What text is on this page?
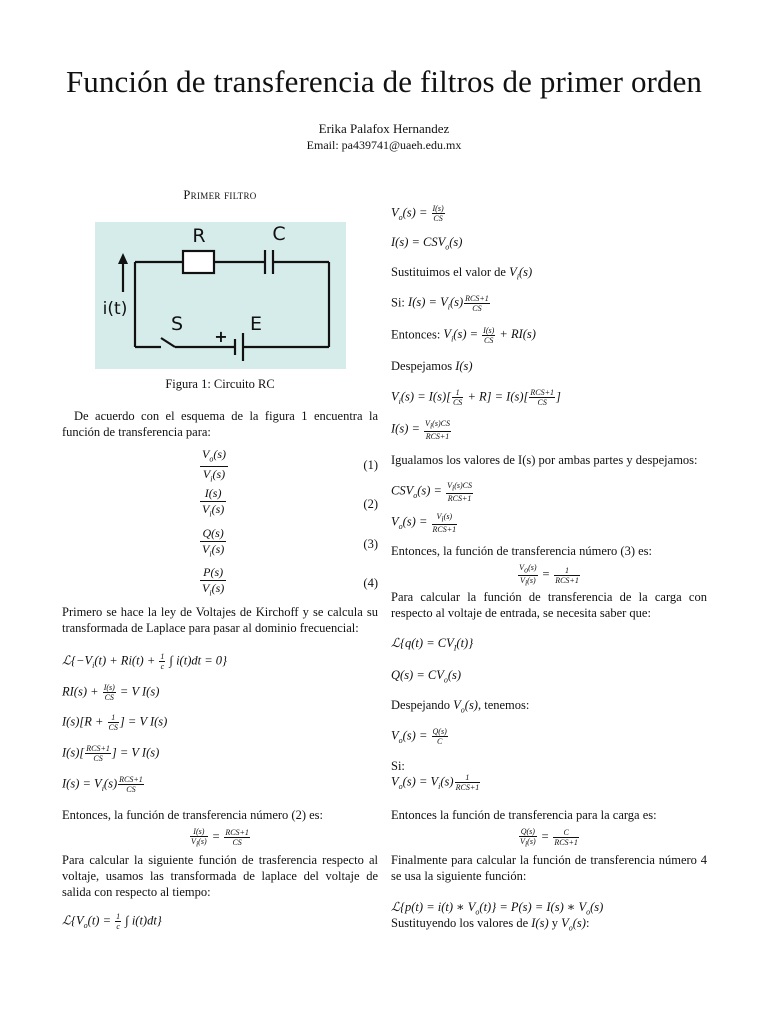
Función de transferencia de filtros de primer orden
Erika Palafox Hernandez
Email: pa439741@uaeh.edu.mx
Primer filtro
R	C
i(t)
S	E
+
Figura 1: Circuito RC
De acuerdo con el esquema de la figura 1 encuentra la función de transferencia para:
$\frac{V_o(s)}{V_i(s)}$	(1)
$\frac{I(s)}{V_i(s)}$	(2)
$\frac{Q(s)}{V_i(s)}$	(3)
$\frac{P(s)}{V_i(s)}$	(4)
Primero se hace la ley de Voltajes de Kirchoff y se calcula su transformada de Laplace para pasar al dominio frecuencial:
$ℒ\{-V_i(t) + Ri(t) + \frac{1}{c}$ ∫ i(t)dt = 0}
$RI(s) + \frac{I(s)}{CS} = V$ I(s)
$I(s)[R + \frac{1}{CS}$ ] = V I(s)
$I(s)[ \frac{\text{RCS+1}}{CS}$ ] = V I(s)
$I(s) = V_i(s) \frac{\text{RCS+1}}{CS}$
Entonces, la función de transferencia número (2) es:
$\frac{I(s)}{V_i(s)} = \frac{\text{RCS+1}}{CS}$
Para calcular la siguiente función de trasferencia respecto al voltaje, usamos las transformada de laplace del voltaje de salida con respecto al tiempo:
$ℒ\{V_o(t) = \frac{1}{c}$ ∫ i(t)dt}
$V_o(s) = \frac{I(s)}{CS}$
$I(s) = CSV_o(s)$
Sustituimos el valor de $V_i(s)$
Si: $I(s) = V_i(s) \frac{\text{RCS+1}}{CS}$
Entonces: $V_i(s) = \frac{I(s)}{CS} + RI(s)$
Despejamos I(s)
$V_i(s) = I(s)[ \frac{1}{CS} + R] = I(s)[ \frac{\text{RCS+1}}{CS}$ ]
$I(s) = \frac{V_i(s)CS}{\text{RCS+1}}$
Igualamos los valores de I(s) por ambas partes y despejamos:
$CSV_o(s) = \frac{V_i(s)CS}{\text{RCS+1}}$
$V_o(s) = \frac{V_i(s)}{\text{RCS+1}}$
Entonces, la función de transferencia número (3) es:
$\frac{V_o(s)}{V_i(s)} = \frac{1}{\text{RCS+1}}$
Para calcular la función de transferencia de la carga con respecto al voltaje de entrada, se necesita saber que:
ℒ{q(t) = $CV_I(t)$}
$Q(s) = CV_o(s)$
Despejando $V_o(s)$, tenemos:
$V_o(s) = \frac{Q(s)}{C}$
Si:
$V_o(s) = V_i(s) \frac{1}{\text{RCS+1}}$
Entonces la función de transferencia para la carga es:
$\frac{Q(s)}{V_i(s)} = \frac{C}{\text{RCS+1}}$
Finalmente para calcular la función de transferencia número 4 se usa la siguiente función:
ℒ{p(t) = i(t) ∗ $V_o(t)\} = P(s) = I(s)$ ∗ $V_o(s)$
Sustituyendo los valores de I(s) y $V_o(s)$:
